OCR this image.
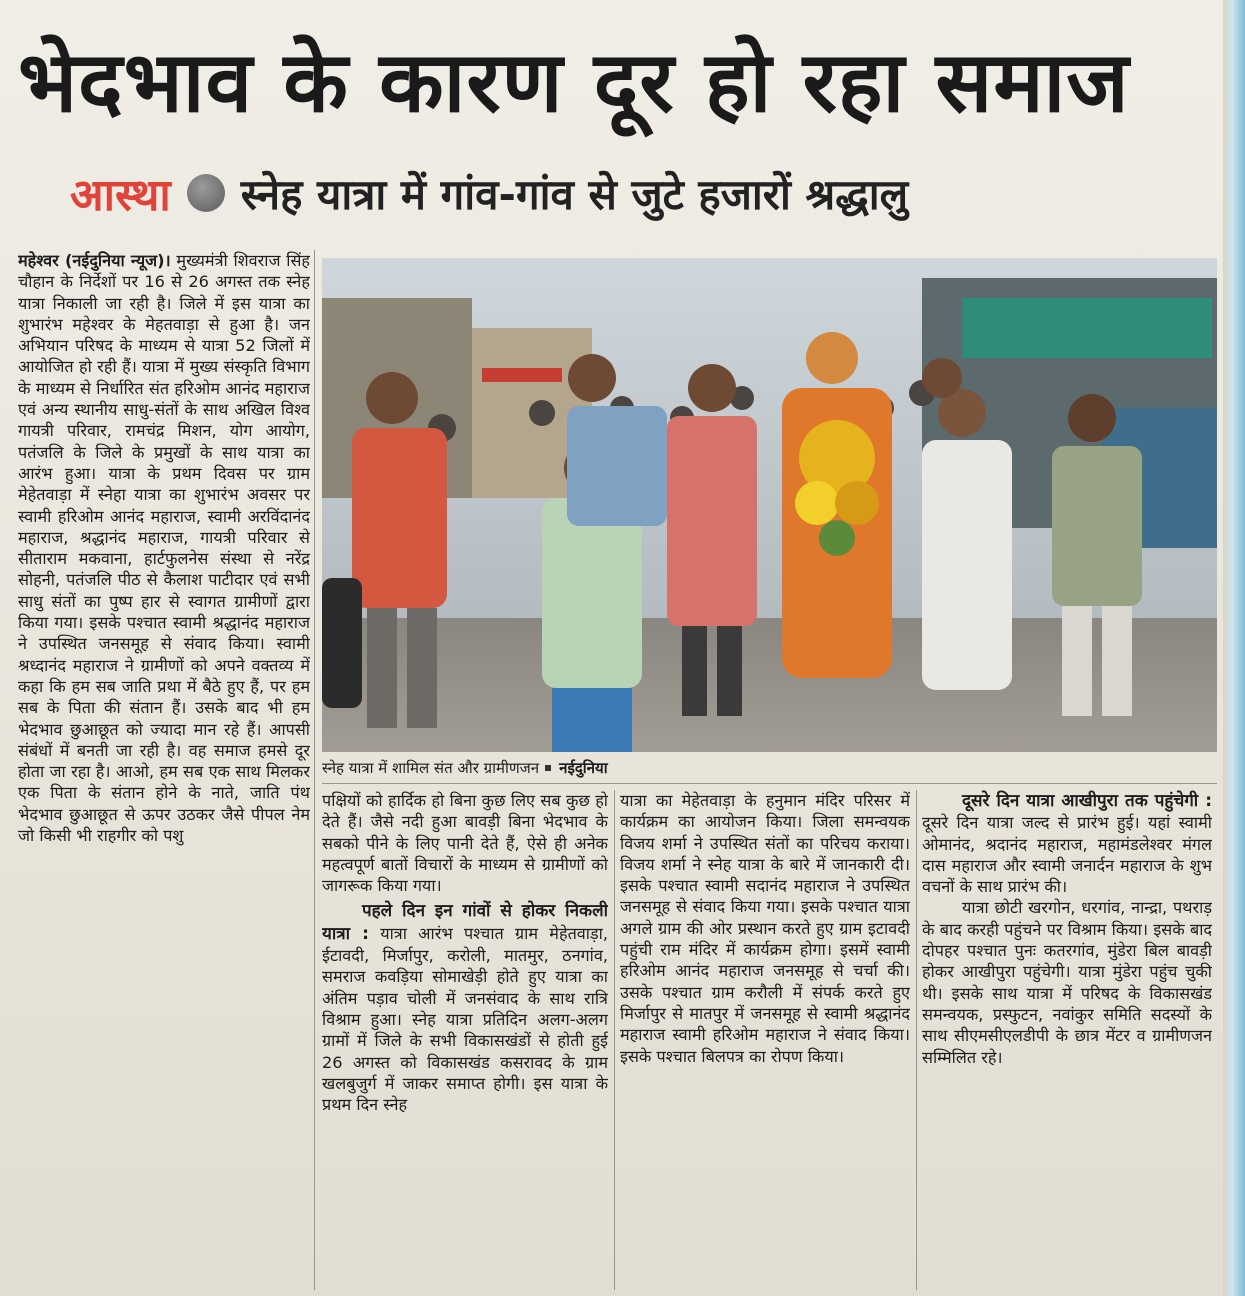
भेदभाव के कारण दूर हो रहा समाज
आस्था स्नेह यात्रा में गांव-गांव से जुटे हजारों श्रद्धालु

महेश्वर (नईदुनिया न्यूज)। मुख्यमंत्री शिवराज सिंह चौहान के निर्देशों पर 16 से 26 अगस्त तक स्नेह यात्रा निकाली जा रही है। जिले में इस यात्रा का शुभारंभ महेश्वर के मेहतवाड़ा से हुआ है। जन अभियान परिषद के माध्यम से यात्रा 52 जिलों में आयोजित हो रही हैं। यात्रा में मुख्य संस्कृति विभाग के माध्यम से निर्धारित संत हरिओम आनंद महाराज एवं अन्य स्थानीय साधु-संतों के साथ अखिल विश्व गायत्री परिवार, रामचंद्र मिशन, योग आयोग, पतंजलि के जिले के प्रमुखों के साथ यात्रा का आरंभ हुआ। यात्रा के प्रथम दिवस पर ग्राम मेहेतवाड़ा में स्नेहा यात्रा का शुभारंभ अवसर पर स्वामी हरिओम आनंद महाराज, स्वामी अरविंदानंद महाराज, श्रद्धानंद महाराज, गायत्री परिवार से सीताराम मकवाना, हार्टफुलनेस संस्था से नरेंद्र सोहनी, पतंजलि पीठ से कैलाश पाटीदार एवं सभी साधु संतों का पुष्प हार से स्वागत ग्रामीणों द्वारा किया गया। इसके पश्चात स्वामी श्रद्धानंद महाराज ने उपस्थित जनसमूह से संवाद किया। स्वामी श्रध्दानंद महाराज ने ग्रामीणों को अपने वक्तव्य में कहा कि हम सब जाति प्रथा में बैठे हुए हैं, पर हम सब के पिता की संतान हैं। उसके बाद भी हम भेदभाव छुआछूत को ज्यादा मान रहे हैं। आपसी संबंधों में बनती जा रही है। वह समाज हमसे दूर होता जा रहा है। आओ, हम सब एक साथ मिलकर एक पिता के संतान होने के नाते, जाति पंथ भेदभाव छुआछूत से ऊपर उठकर जैसे पीपल नेम जो किसी भी राहगीर को पशु

स्नेह यात्रा में शामिल संत और ग्रामीणजन नईदुनिया

पक्षियों को हार्दिक हो बिना कुछ लिए सब कुछ हो देते हैं। जैसे नदी हुआ बावड़ी बिना भेदभाव के सबको पीने के लिए पानी देते हैं, ऐसे ही अनेक महत्वपूर्ण बातों विचारों के माध्यम से ग्रामीणों को जागरूक किया गया।

पहले दिन इन गांवों से होकर निकली यात्रा : यात्रा आरंभ पश्चात ग्राम मेहेतवाड़ा, ईटावदी, मिर्जापुर, करोली, मातमुर, ठनगांव, समराज कवड़िया सोमाखेड़ी होते हुए यात्रा का अंतिम पड़ाव चोली में जनसंवाद के साथ रात्रि विश्राम हुआ। स्नेह यात्रा प्रतिदिन अलग-अलग ग्रामों में जिले के सभी विकासखंडों से होती हुई 26 अगस्त को विकासखंड कसरावद के ग्राम खलबुजुर्ग में जाकर समाप्त होगी। इस यात्रा के प्रथम दिन स्नेह

यात्रा का मेहेतवाड़ा के हनुमान मंदिर परिसर में कार्यक्रम का आयोजन किया। जिला समन्वयक विजय शर्मा ने उपस्थित संतों का परिचय कराया। विजय शर्मा ने स्नेह यात्रा के बारे में जानकारी दी। इसके पश्चात स्वामी सदानंद महाराज ने उपस्थित जनसमूह से संवाद किया गया। इसके पश्चात यात्रा अगले ग्राम की ओर प्रस्थान करते हुए ग्राम इटावदी पहुंची राम मंदिर में कार्यक्रम होगा। इसमें स्वामी हरिओम आनंद महाराज जनसमूह से चर्चा की। उसके पश्चात ग्राम करौली में संपर्क करते हुए मिर्जापुर से मातपुर में जनसमूह से स्वामी श्रद्धानंद महाराज स्वामी हरिओम महाराज ने संवाद किया। इसके पश्चात बिलपत्र का रोपण किया।

दूसरे दिन यात्रा आखीपुरा तक पहुंचेगी : दूसरे दिन यात्रा जल्द से प्रारंभ हुई। यहां स्वामी ओमानंद, श्रदानंद महाराज, महामंडलेश्वर मंगल दास महाराज और स्वामी जनार्दन महाराज के शुभ वचनों के साथ प्रारंभ की।

यात्रा छोटी खरगोन, धरगांव, नान्द्रा, पथराड़ के बाद करही पहुंचने पर विश्राम किया। इसके बाद दोपहर पश्चात पुनः कतरगांव, मुंडेरा बिल बावड़ी होकर आखीपुरा पहुंचेगी। यात्रा मुंडेरा पहुंच चुकी थी। इसके साथ यात्रा में परिषद के विकासखंड समन्वयक, प्रस्फुटन, नवांकुर समिति सदस्यों के साथ सीएमसीएलडीपी के छात्र मेंटर व ग्रामीणजन सम्मिलित रहे।
